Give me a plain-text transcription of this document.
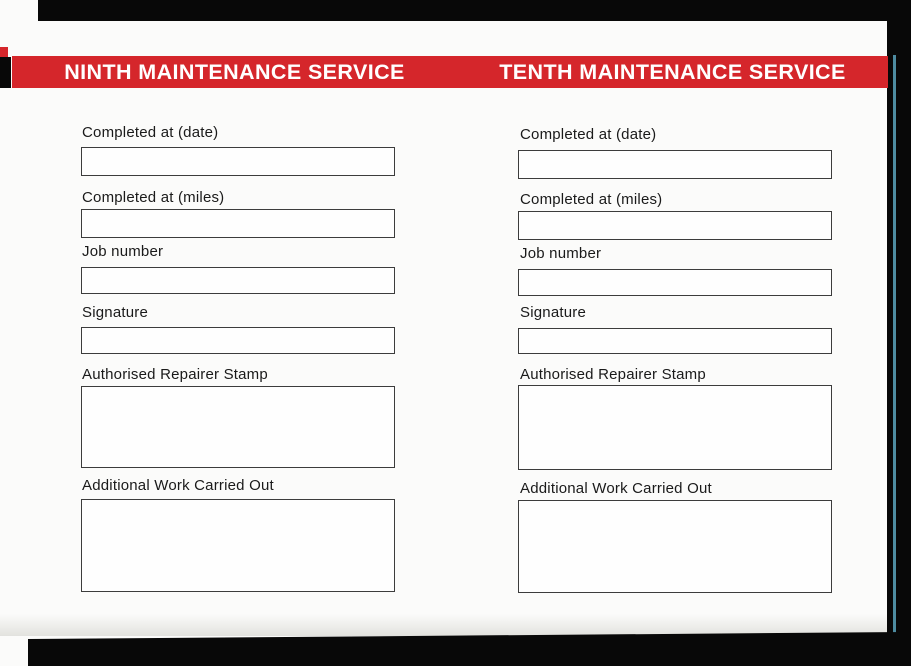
NINTH MAINTENANCE SERVICE	TENTH MAINTENANCE SERVICE
Completed at (date)
Completed at (miles)
Job number
Signature
Authorised Repairer Stamp
Additional Work Carried Out
Completed at (date)
Completed at (miles)
Job number
Signature
Authorised Repairer Stamp
Additional Work Carried Out
